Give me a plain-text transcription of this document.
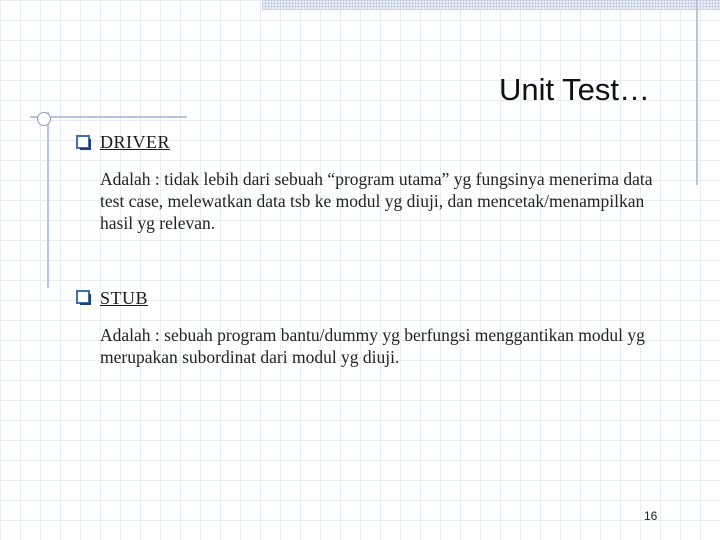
Unit Test…
DRIVER
Adalah : tidak lebih dari sebuah “program utama” yg fungsinya menerima data test case, melewatkan data tsb ke modul yg diuji, dan mencetak/menampilkan hasil yg relevan.
STUB
Adalah : sebuah program bantu/dummy yg berfungsi menggantikan modul yg merupakan subordinat dari modul yg diuji.
16
